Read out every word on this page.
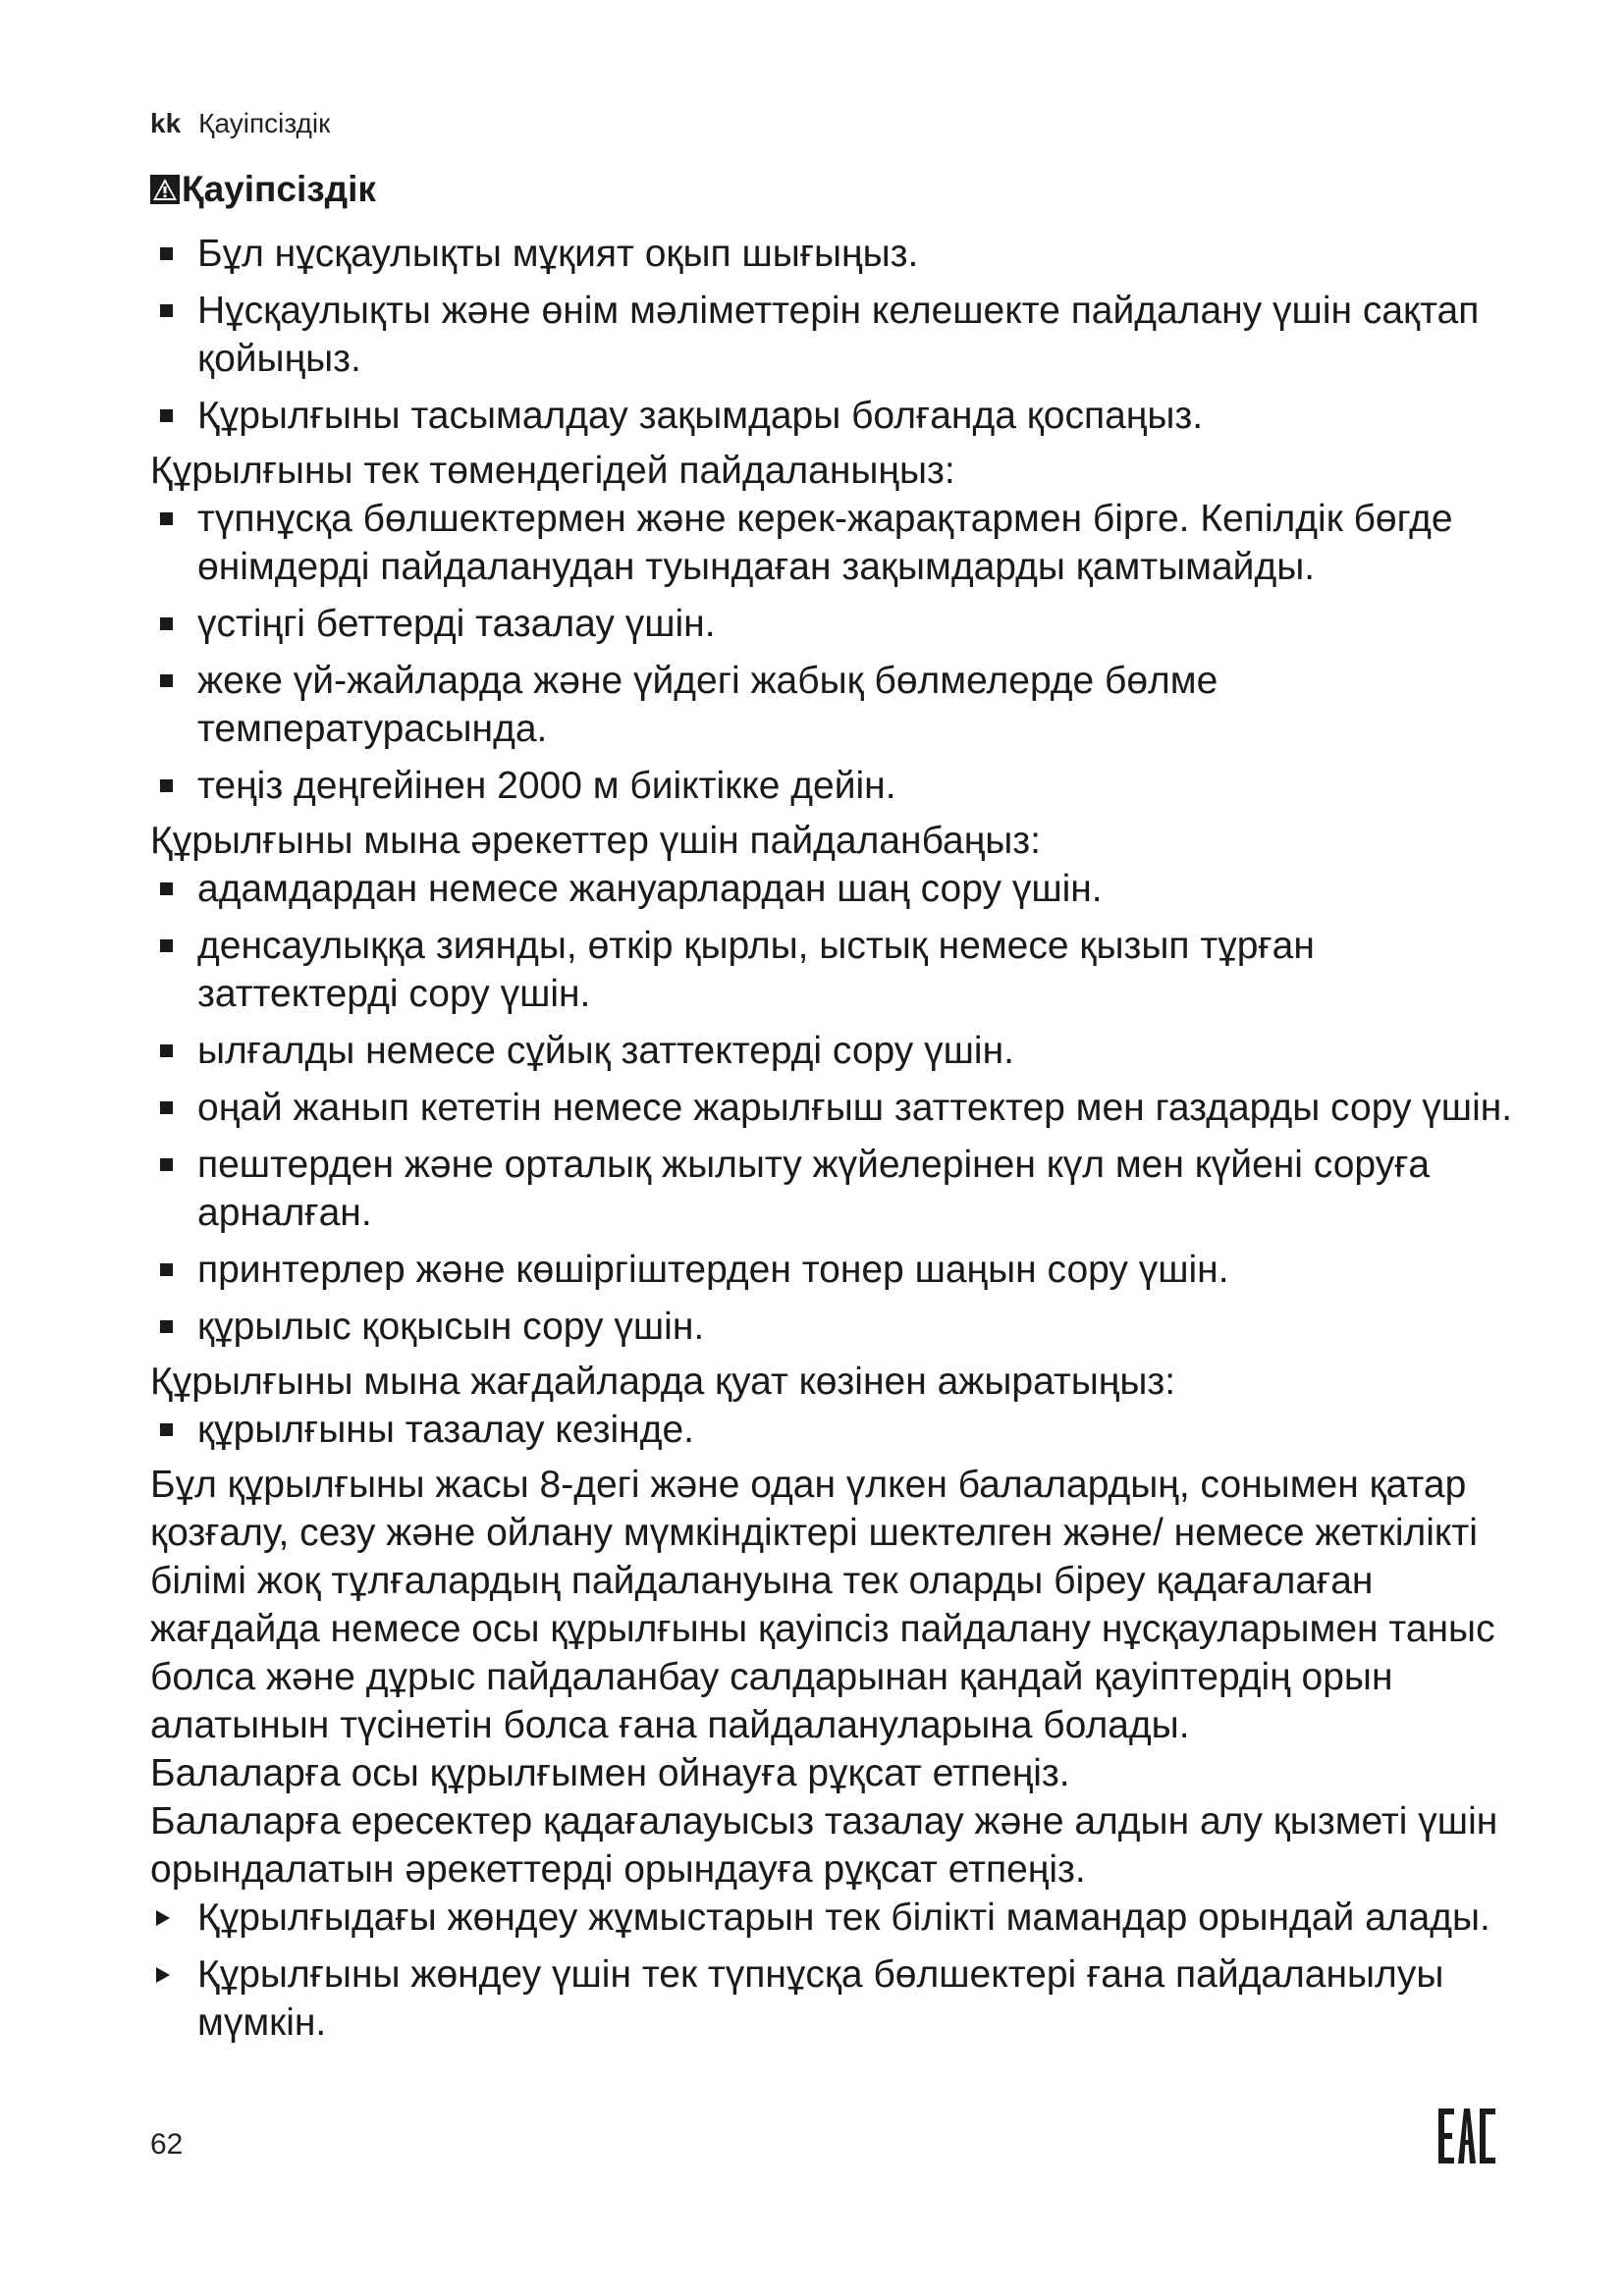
kk Қауіпсіздік
Қауіпсіздік
Бұл нұсқаулықты мұқият оқып шығыңыз.
Нұсқаулықты және өнім мәліметтерін келешекте пайдалану үшін сақтап қойыңыз.
Құрылғыны тасымалдау зақымдары болғанда қоспаңыз.

Құрылғыны тек төмендегідей пайдаланыңыз:

түпнұсқа бөлшектермен және керек-жарақтармен бірге. Кепілдік бөгде өнімдерді пайдаланудан туындаған зақымдарды қамтымайды.
үстіңгі беттерді тазалау үшін.
жеке үй-жайларда және үйдегі жабық бөлмелерде бөлме температурасында.
теңіз деңгейінен 2000 м биіктікке дейін.

Құрылғыны мына әрекеттер үшін пайдаланбаңыз:

адамдардан немесе жануарлардан шаң сору үшін.
денсаулыққа зиянды, өткір қырлы, ыстық немесе қызып тұрған заттектерді сору үшін.
ылғалды немесе сұйық заттектерді сору үшін.
оңай жанып кететін немесе жарылғыш заттектер мен газдарды сору үшін.
пештерден және орталық жылыту жүйелерінен күл мен күйені соруға арналған.
принтерлер және көшіргіштерден тонер шаңын сору үшін.
құрылыс қоқысын сору үшін.

Құрылғыны мына жағдайларда қуат көзінен ажыратыңыз:

құрылғыны тазалау кезінде.

Бұл құрылғыны жасы 8-дегі және одан үлкен балалардың, сонымен қатар қозғалу, сезу және ойлану мүмкіндіктері шектелген және/ немесе жеткілікті білімі жоқ тұлғалардың пайдалануына тек оларды біреу қадағалаған жағдайда немесе осы құрылғыны қауіпсіз пайдалану нұсқауларымен таныс болса және дұрыс пайдаланбау салдарынан қандай қауіптердің орын алатынын түсінетін болса ғана пайдалануларына болады.

Балаларға осы құрылғымен ойнауға рұқсат етпеңіз.

Балаларға ересектер қадағалауысыз тазалау және алдын алу қызметі үшін орындалатын әрекеттерді орындауға рұқсат етпеңіз.

Құрылғыдағы жөндеу жұмыстарын тек білікті мамандар орындай алады.
Құрылғыны жөндеу үшін тек түпнұсқа бөлшектері ғана пайдаланылуы мүмкін.
62
